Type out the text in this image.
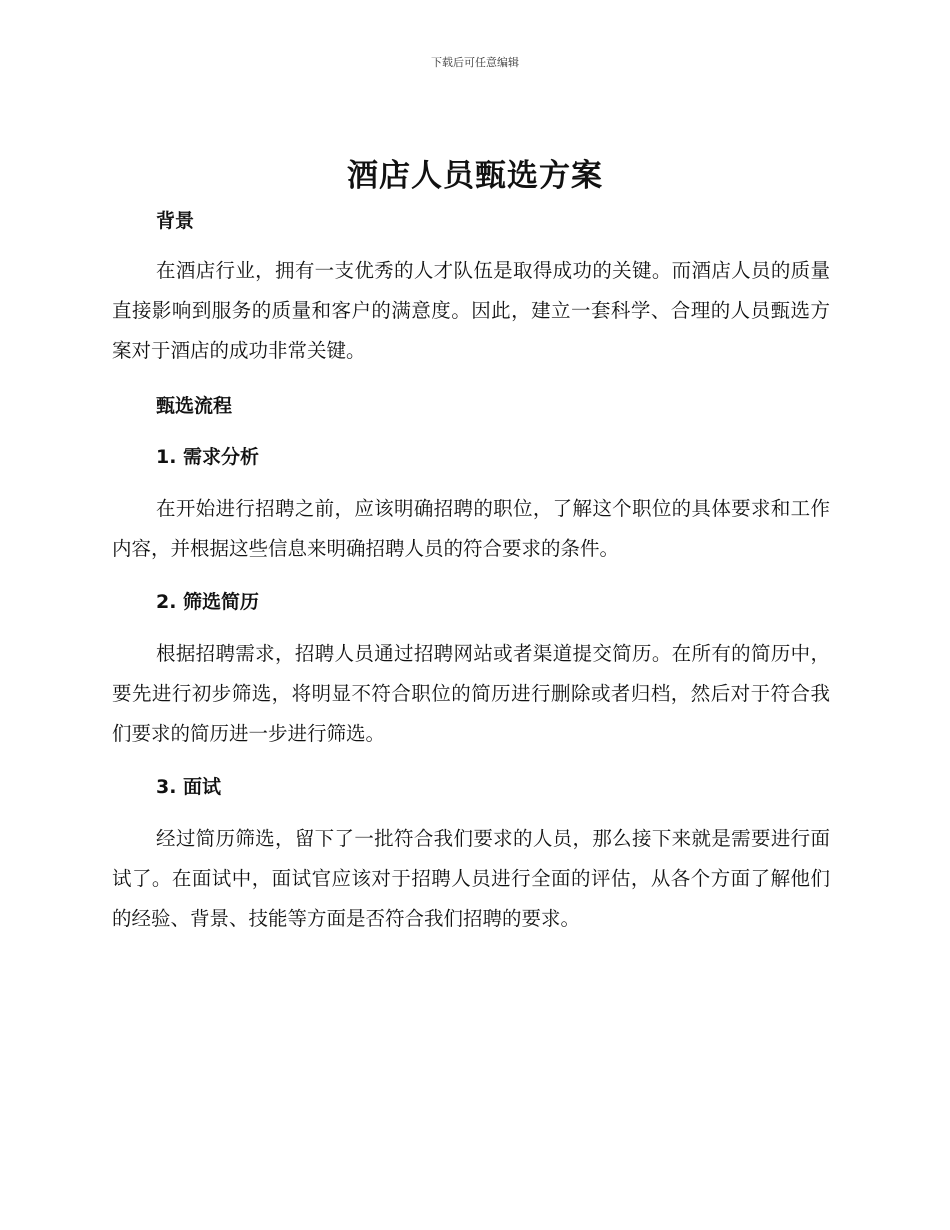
下载后可任意编辑
酒店人员甄选方案

背景

在酒店行业，拥有一支优秀的人才队伍是取得成功的关键。而酒店人员的质量直接影响到服务的质量和客户的满意度。因此，建立一套科学、合理的人员甄选方案对于酒店的成功非常关键。

甄选流程

1. 需求分析

在开始进行招聘之前，应该明确招聘的职位，了解这个职位的具体要求和工作内容，并根据这些信息来明确招聘人员的符合要求的条件。

2. 筛选简历

根据招聘需求，招聘人员通过招聘网站或者渠道提交简历。在所有的简历中，要先进行初步筛选，将明显不符合职位的简历进行删除或者归档，然后对于符合我们要求的简历进一步进行筛选。

3. 面试

经过简历筛选，留下了一批符合我们要求的人员，那么接下来就是需要进行面试了。在面试中，面试官应该对于招聘人员进行全面的评估，从各个方面了解他们的经验、背景、技能等方面是否符合我们招聘的要求。
